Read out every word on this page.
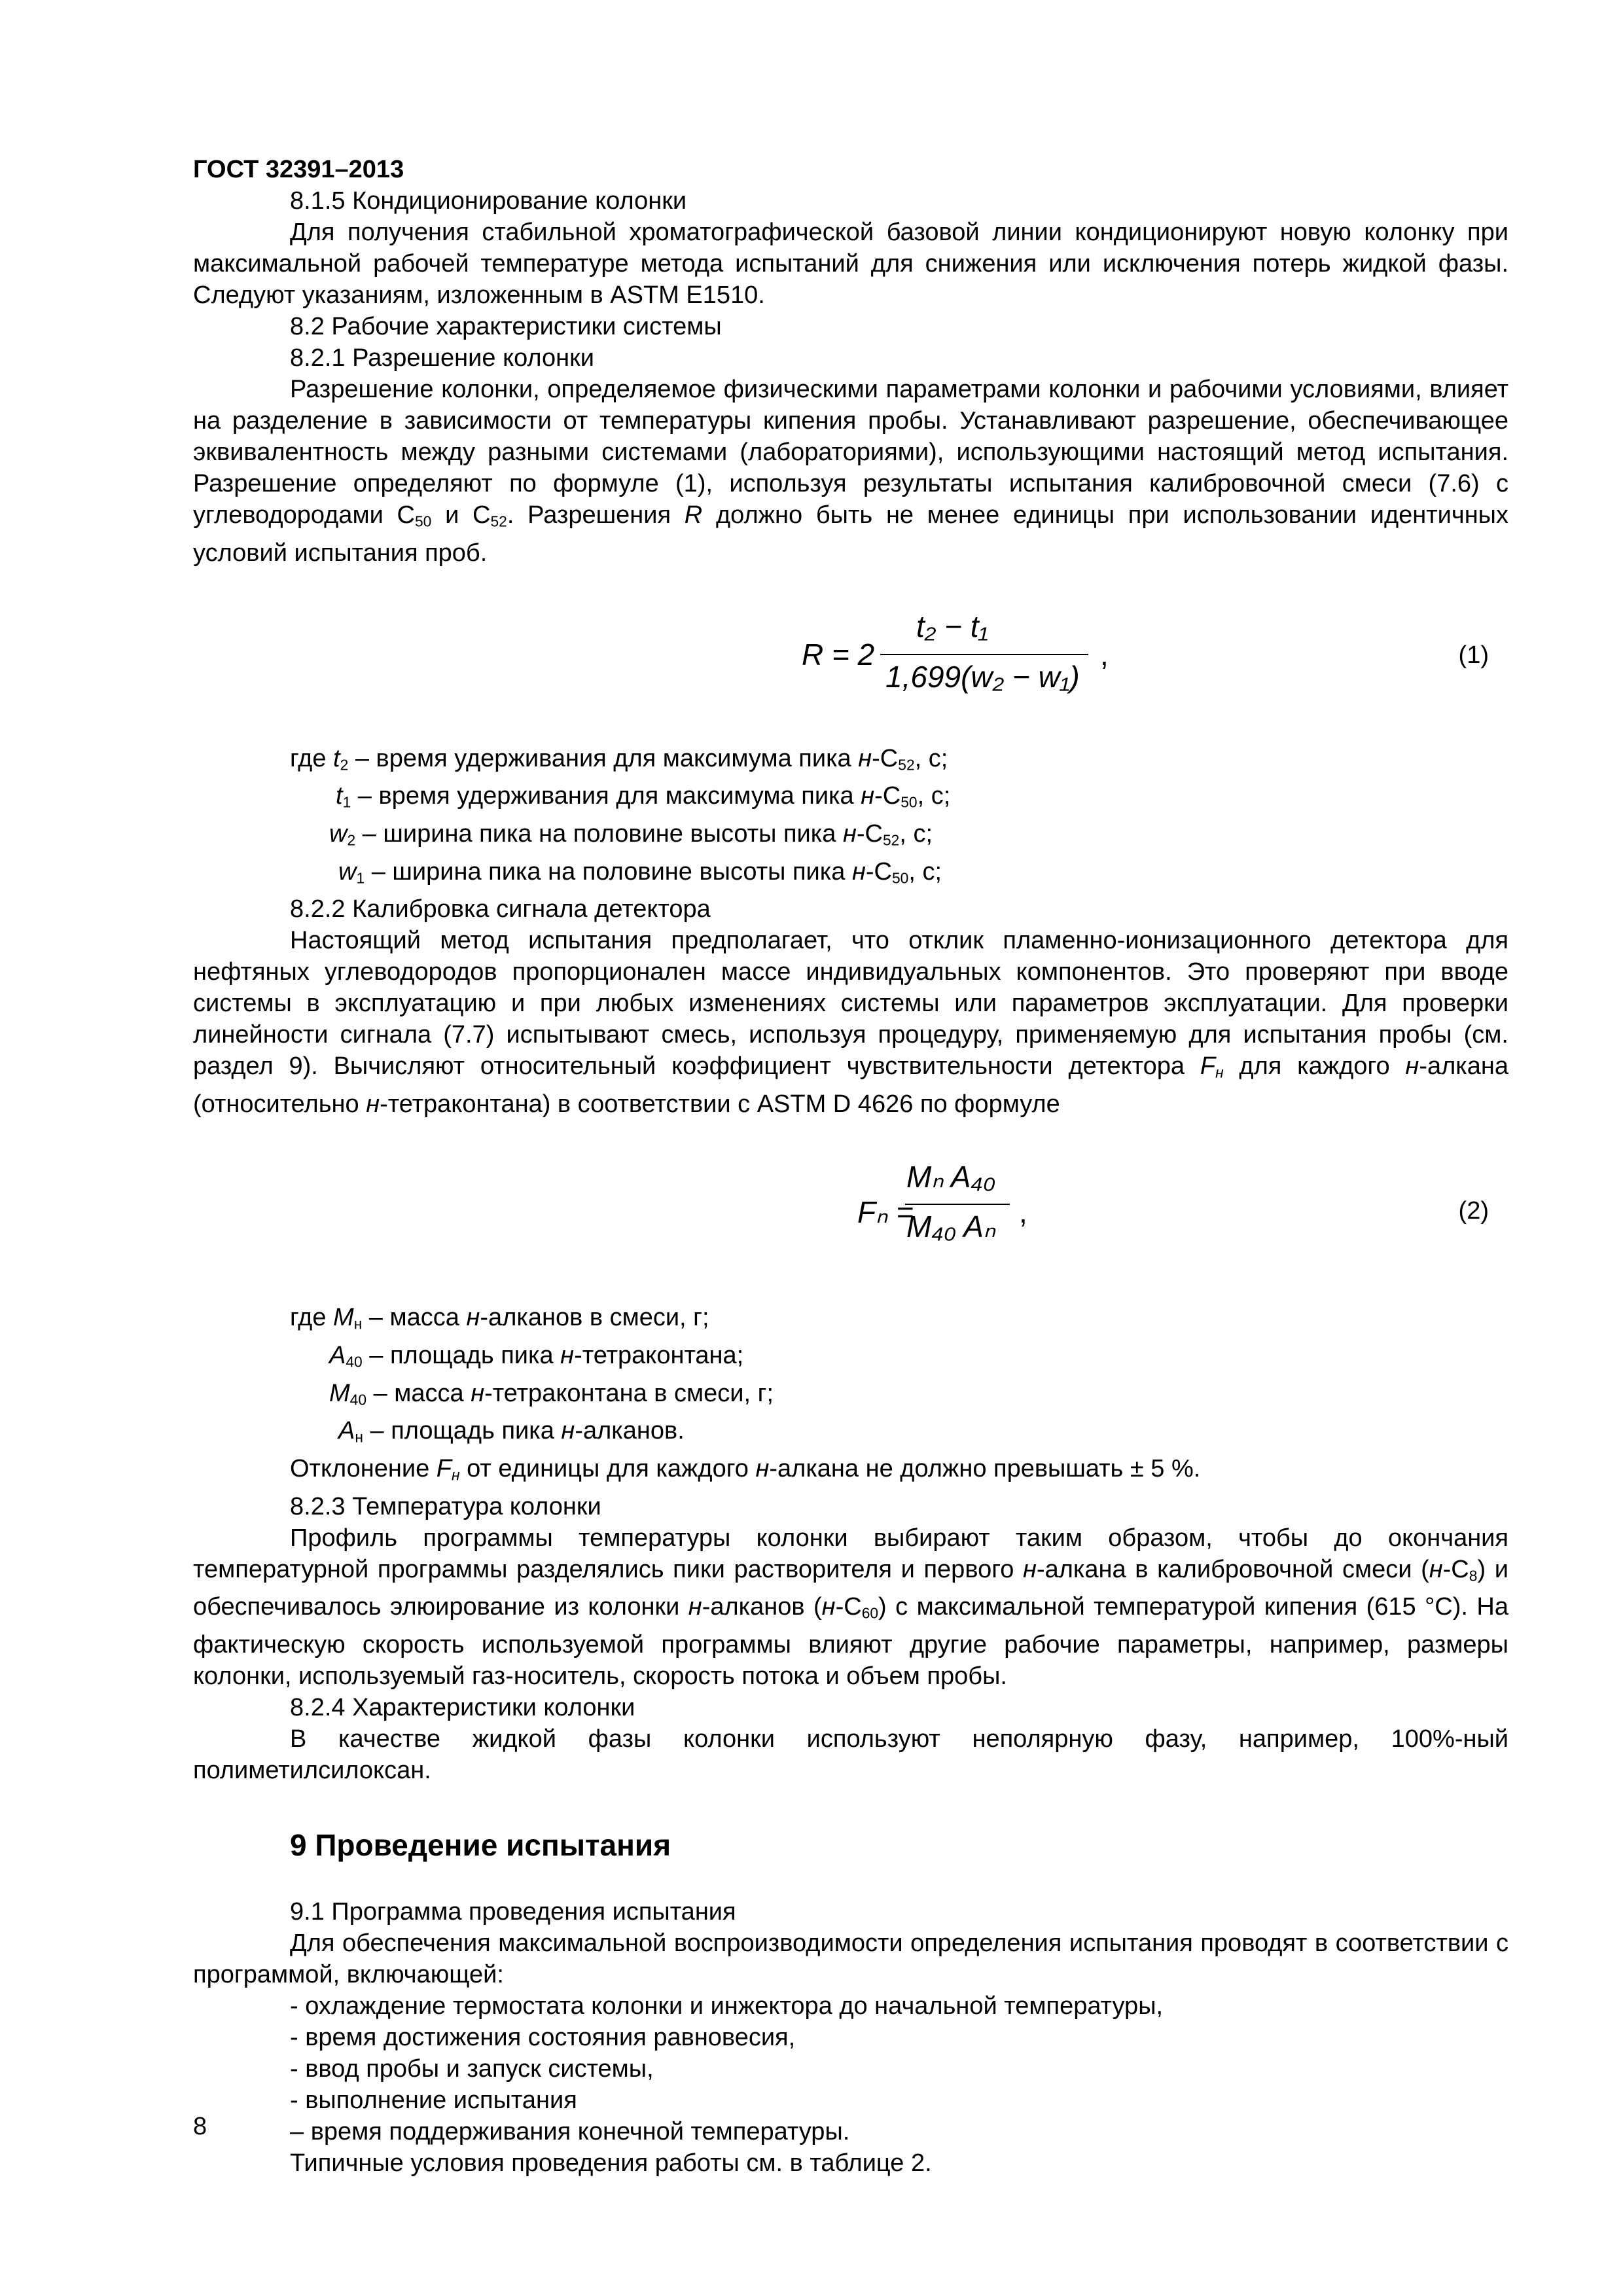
ГОСТ 32391–2013

8.1.5 Кондиционирование колонки

Для получения стабильной хроматографической базовой линии кондиционируют новую колонку при максимальной рабочей температуре метода испытаний для снижения или исключения потерь жидкой фазы. Следуют указаниям, изложенным в ASTM E1510.

8.2 Рабочие характеристики системы

8.2.1 Разрешение колонки

Разрешение колонки, определяемое физическими параметрами колонки и рабочими условиями, влияет на разделение в зависимости от температуры кипения пробы. Устанавливают разрешение, обеспечивающее эквивалентность между разными системами (лабораториями), использующими настоящий метод испытания. Разрешение определяют по формуле (1), используя результаты испытания калибровочной смеси (7.6) с углеводородами $C_{50}$ и $C_{52}$. Разрешения R должно быть не менее единицы при использовании идентичных условий испытания проб.

R = 2
t₂ − t₁
1,699(w₂ − w₁)
,	(1)

где $t_2$ – время удерживания для максимума пика $н-C_{52}$, с;

$t_1$ – время удерживания для максимума пика $н-C_{50}$, с;

$w_2$ – ширина пика на половине высоты пика $н-C_{52}$, с;

$w_1$ – ширина пика на половине высоты пика $н-C_{50}$, с;

8.2.2 Калибровка сигнала детектора

Настоящий метод испытания предполагает, что отклик пламенно-ионизационного детектора для нефтяных углеводородов пропорционален массе индивидуальных компонентов. Это проверяют при вводе системы в эксплуатацию и при любых изменениях системы или параметров эксплуатации. Для проверки линейности сигнала (7.7) испытывают смесь, используя процедуру, применяемую для испытания пробы (см. раздел 9). Вычисляют относительный коэффициент чувствительности детектора $F_н$ для каждого н-алкана (относительно н-тетраконтана) в соответствии с ASTM D 4626 по формуле

Fₙ =
Mₙ A₄₀
M₄₀ Aₙ ,	(2)

где $M_н$ – масса н-алканов в смеси, г;

$A_{40}$ – площадь пика н-тетраконтана;

$M_{40}$ – масса н-тетраконтана в смеси, г;

$A_н$ – площадь пика н-алканов.

Отклонение $F_н$ от единицы для каждого н-алкана не должно превышать ± 5 %.

8.2.3 Температура колонки

Профиль программы температуры колонки выбирают таким образом, чтобы до окончания температурной программы разделялись пики растворителя и первого н-алкана в калибровочной смеси $(н-C_8)$ и обеспечивалось элюирование из колонки н-алканов $(н-C_{60})$ с максимальной температурой кипения (615 °C). На фактическую скорость используемой программы влияют другие рабочие параметры, например, размеры колонки, используемый газ-носитель, скорость потока и объем пробы.

8.2.4 Характеристики колонки

В качестве жидкой фазы колонки используют неполярную фазу, например, 100%-ный полиметилсилоксан.

9 Проведение испытания

9.1 Программа проведения испытания

Для обеспечения максимальной воспроизводимости определения испытания проводят в соответствии с программой, включающей:

- охлаждение термостата колонки и инжектора до начальной температуры,

- время достижения состояния равновесия,

- ввод пробы и запуск системы,

- выполнение испытания

– время поддерживания конечной температуры.

Типичные условия проведения работы см. в таблице 2.

8
